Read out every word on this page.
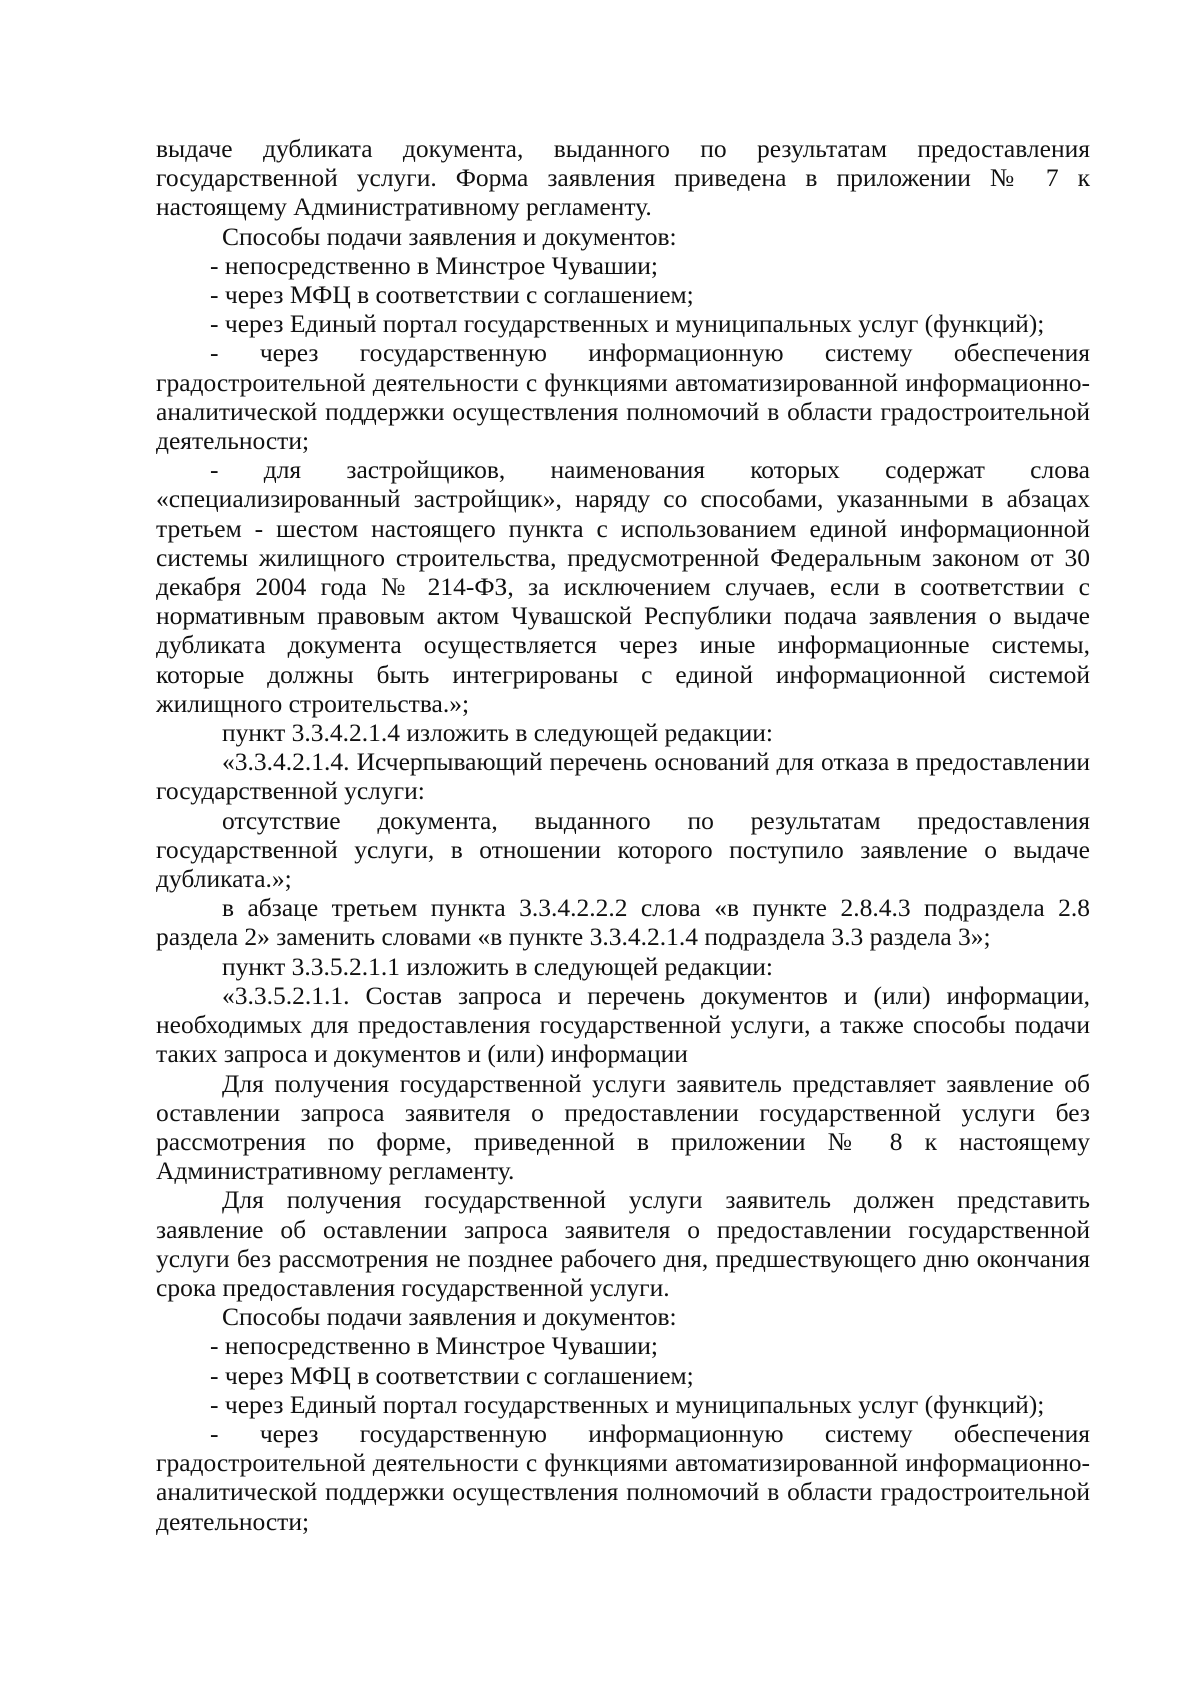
выдаче дубликата документа, выданного по результатам предоставления государственной услуги. Форма заявления приведена в приложении № 7 к настоящему Административному регламенту.

Способы подачи заявления и документов:

- непосредственно в Минстрое Чувашии;

- через МФЦ в соответствии с соглашением;

- через Единый портал государственных и муниципальных услуг (функций);

- через государственную информационную систему обеспечения градостроительной деятельности с функциями автоматизированной информационно-аналитической поддержки осуществления полномочий в области градостроительной деятельности;

- для застройщиков, наименования которых содержат слова «специализированный застройщик», наряду со способами, указанными в абзацах третьем - шестом настоящего пункта с использованием единой информационной системы жилищного строительства, предусмотренной Федеральным законом от 30 декабря 2004 года № 214-ФЗ, за исключением случаев, если в соответствии с нормативным правовым актом Чувашской Республики подача заявления о выдаче дубликата документа осуществляется через иные информационные системы, которые должны быть интегрированы с единой информационной системой жилищного строительства.»;

пункт 3.3.4.2.1.4 изложить в следующей редакции:

«3.3.4.2.1.4. Исчерпывающий перечень оснований для отказа в предоставлении государственной услуги:

отсутствие документа, выданного по результатам предоставления государственной услуги, в отношении которого поступило заявление о выдаче дубликата.»;

в абзаце третьем пункта 3.3.4.2.2.2 слова «в пункте 2.8.4.3 подраздела 2.8 раздела 2» заменить словами «в пункте 3.3.4.2.1.4 подраздела 3.3 раздела 3»;

пункт 3.3.5.2.1.1 изложить в следующей редакции:

«3.3.5.2.1.1. Состав запроса и перечень документов и (или) информации, необходимых для предоставления государственной услуги, а также способы подачи таких запроса и документов и (или) информации

Для получения государственной услуги заявитель представляет заявление об оставлении запроса заявителя о предоставлении государственной услуги без рассмотрения по форме, приведенной в приложении № 8 к настоящему Административному регламенту.

Для получения государственной услуги заявитель должен представить заявление об оставлении запроса заявителя о предоставлении государственной услуги без рассмотрения не позднее рабочего дня, предшествующего дню окончания срока предоставления государственной услуги.

Способы подачи заявления и документов:

- непосредственно в Минстрое Чувашии;

- через МФЦ в соответствии с соглашением;

- через Единый портал государственных и муниципальных услуг (функций);

- через государственную информационную систему обеспечения градостроительной деятельности с функциями автоматизированной информационно-аналитической поддержки осуществления полномочий в области градостроительной деятельности;
